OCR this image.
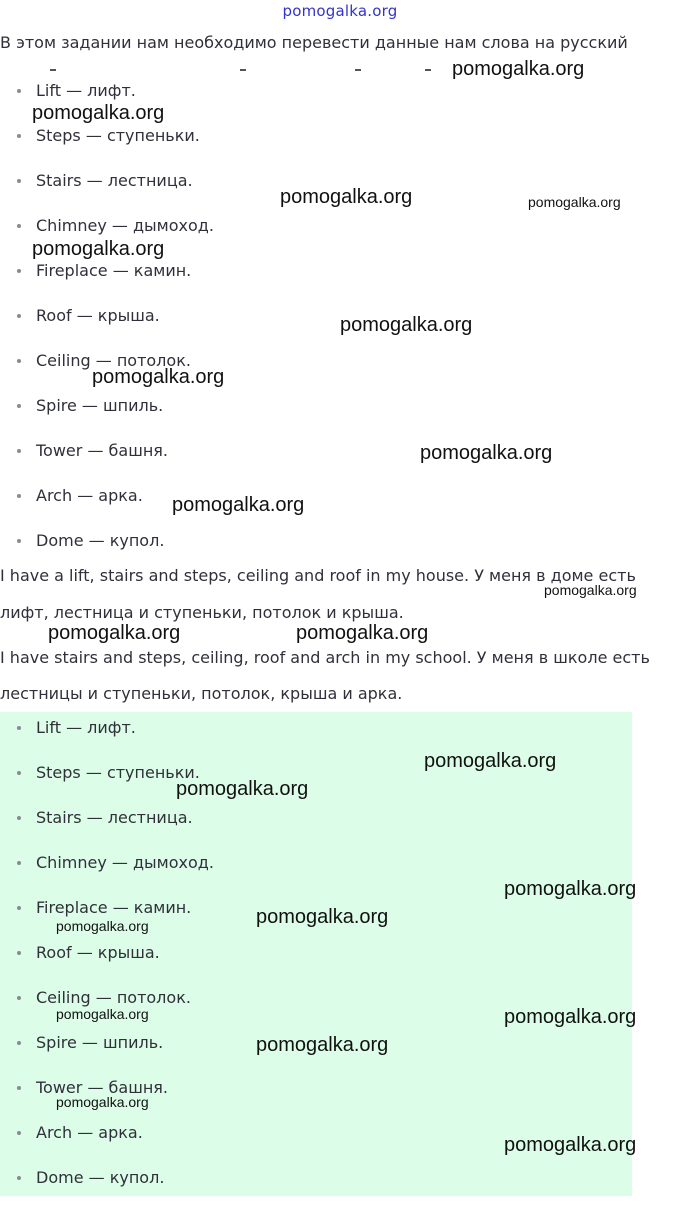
pomogalka.org
В этом задании нам необходимо перевести данные нам слова на русский
Lift — лифт.
Steps — ступеньки.
Stairs — лестница.
Chimney — дымоход.
Fireplace — камин.
Roof — крыша.
Ceiling — потолок.
Spire — шпиль.
Tower — башня.
Arch — арка.
Dome — купол.
I have a lift, stairs and steps, ceiling and roof in my house. У меня в доме есть
лифт, лестница и ступеньки, потолок и крыша.
I have stairs and steps, ceiling, roof and arch in my school. У меня в школе есть
лестницы и ступеньки, потолок, крыша и арка.
Lift — лифт.
Steps — ступеньки.
Stairs — лестница.
Chimney — дымоход.
Fireplace — камин.
Roof — крыша.
Ceiling — потолок.
Spire — шпиль.
Tower — башня.
Arch — арка.
Dome — купол.
pomogalka.org
pomogalka.org
pomogalka.org	pomogalka.org
pomogalka.org
pomogalka.org
pomogalka.org
pomogalka.org
pomogalka.org
pomogalka.org
pomogalka.org	pomogalka.org
pomogalka.org
pomogalka.org
pomogalka.org
pomogalka.org
pomogalka.org
pomogalka.org	pomogalka.org
pomogalka.org
pomogalka.org
pomogalka.org
